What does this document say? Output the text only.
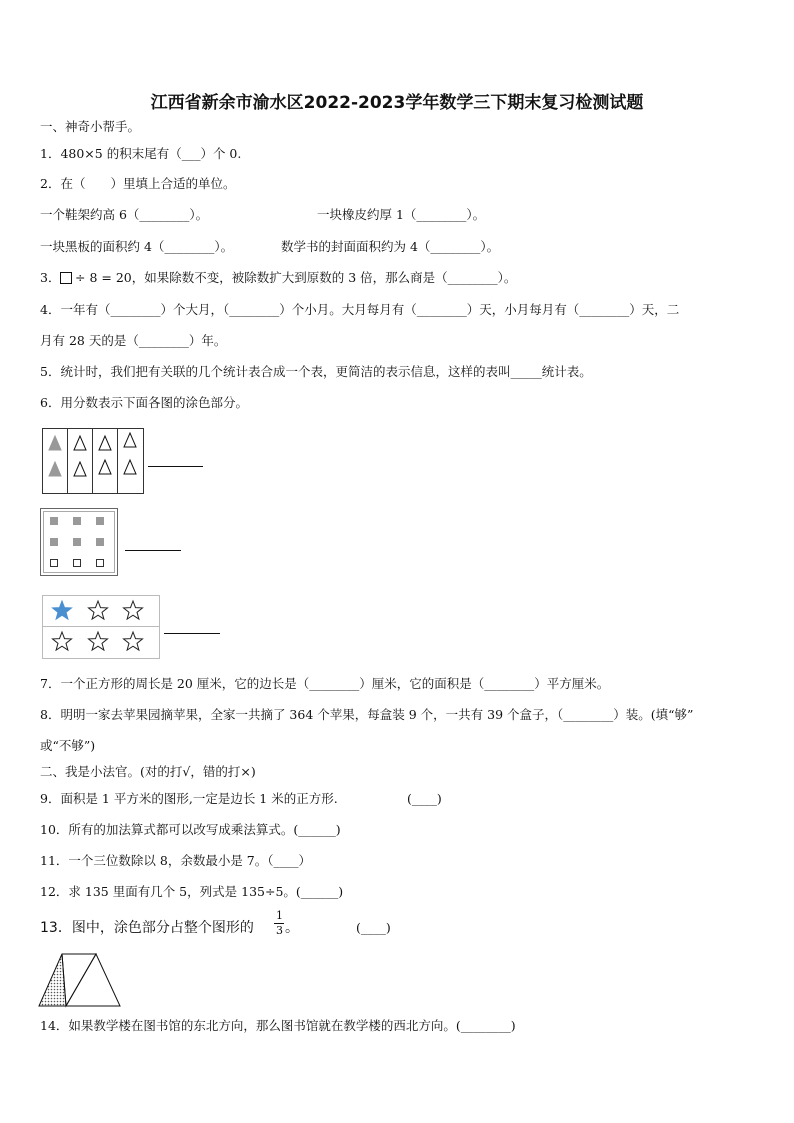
江西省新余市渝水区2022-2023学年数学三下期末复习检测试题
一、神奇小帮手。
1．480×5 的积末尾有（___）个 0.
2．在（　　）里填上合适的单位。
一个鞋架约高 6（________）。	一块橡皮约厚 1（________）。
一块黑板的面积约 4（________）。	数学书的封面面积约为 4（________）。
3． ÷ 8 = 20，如果除数不变，被除数扩大到原数的 3 倍，那么商是（________）。
4．一年有（________）个大月，（________）个小月。大月每月有（________）天，小月每月有（________）天，二
月有 28 天的是（________）年。
5．统计时，我们把有关联的几个统计表合成一个表，更简洁的表示信息，这样的表叫_____统计表。
6．用分数表示下面各图的涂色部分。
7．一个正方形的周长是 20 厘米，它的边长是（________）厘米，它的面积是（________）平方厘米。
8．明明一家去苹果园摘苹果，全家一共摘了 364 个苹果，每盒装 9 个，一共有 39 个盒子，（________）装。(填“够”
或“不够”)
二、我是小法官。(对的打√，错的打×)
9．面积是 1 平方米的图形,一定是边长 1 米的正方形.	(____)
10．所有的加法算式都可以改写成乘法算式。(______)
11．一个三位数除以 8，余数最小是 7。（____）
12．求 135 里面有几个 5，列式是 135÷5。(______)
13．图中，涂色部分占整个图形的
1
3 。	(____)
14．如果教学楼在图书馆的东北方向，那么图书馆就在教学楼的西北方向。(________)
